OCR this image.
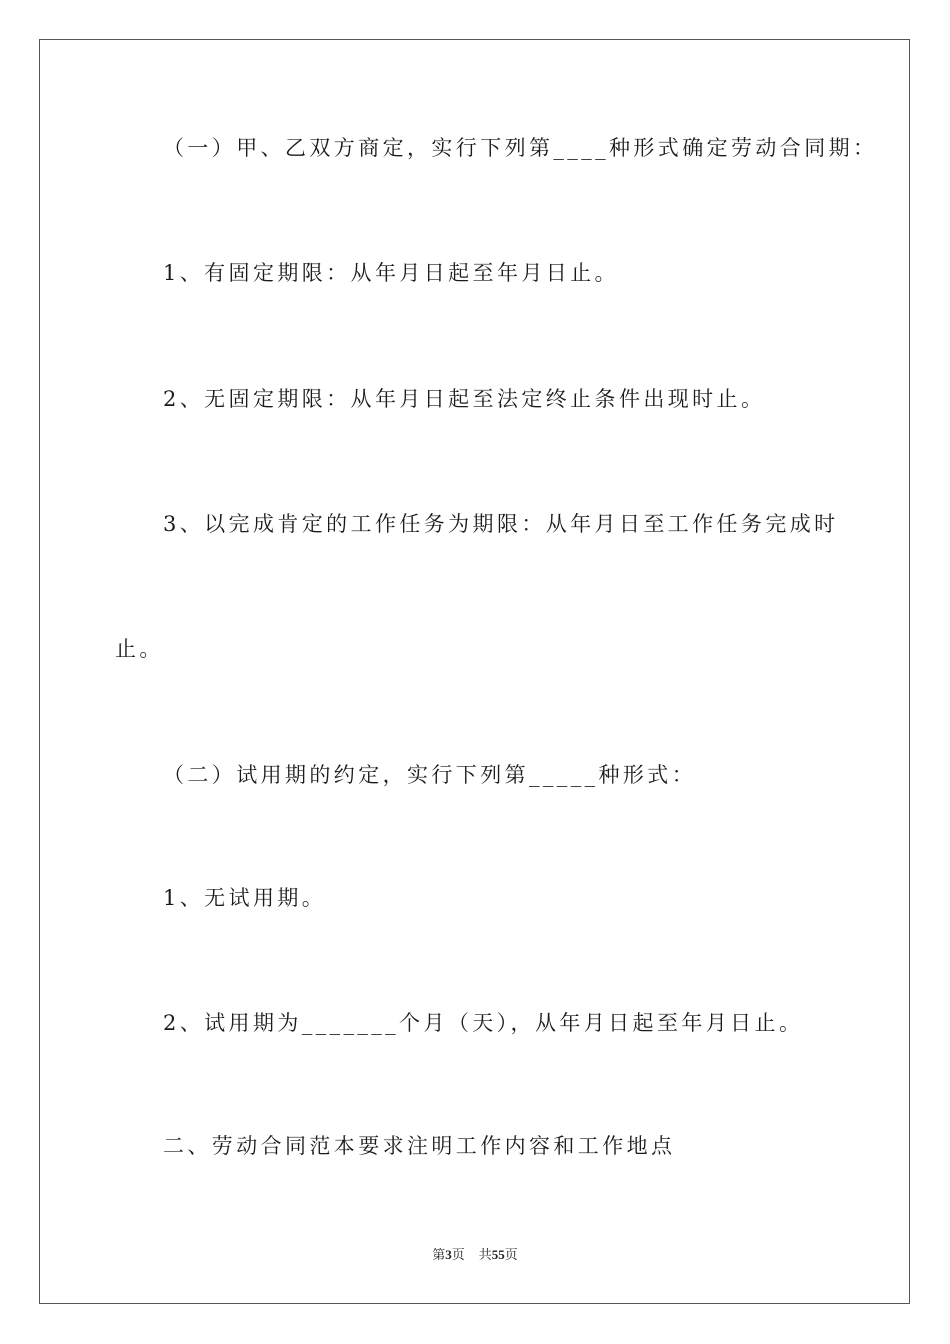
（一）甲、乙双方商定，实行下列第____种形式确定劳动合同期：

1、有固定期限：从年月日起至年月日止。

2、无固定期限：从年月日起至法定终止条件出现时止。

3、以完成肯定的工作任务为期限：从年月日至工作任务完成时

止。

（二）试用期的约定，实行下列第_____种形式：

1、无试用期。

2、试用期为_______个月（天），从年月日起至年月日止。

二、劳动合同范本要求注明工作内容和工作地点

第3页 共55页
